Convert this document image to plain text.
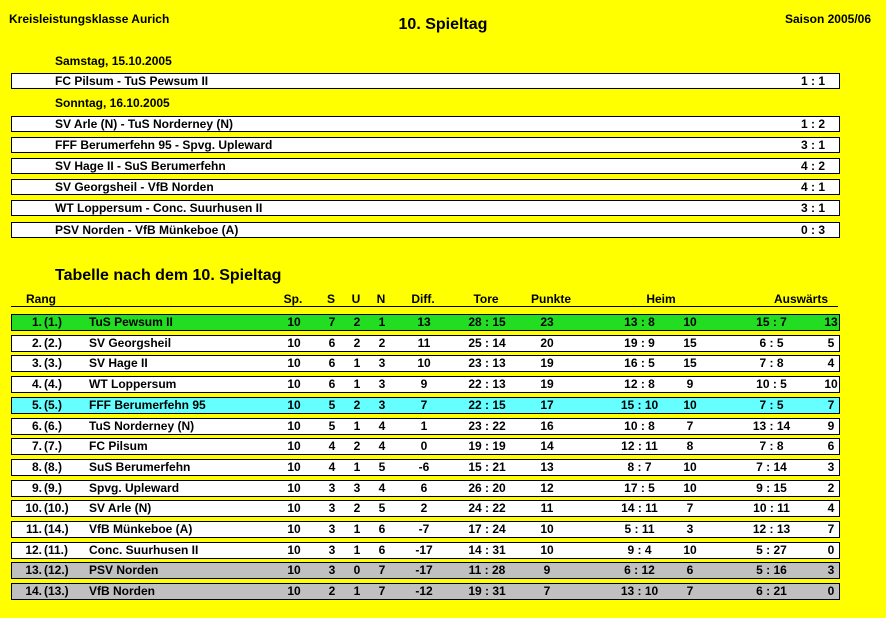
Kreisleistungsklasse Aurich	10. Spieltag	Saison 2005/06
Samstag, 15.10.2005
FC Pilsum - TuS Pewsum II	1 : 1
Sonntag, 16.10.2005
SV Arle (N) - TuS Norderney (N)	1 : 2
FFF Berumerfehn 95 - Spvg. Upleward	3 : 1
SV Hage II - SuS Berumerfehn	4 : 2
SV Georgsheil - VfB Norden	4 : 1
WT Loppersum - Conc. Suurhusen II	3 : 1
PSV Norden - VfB Münkeboe (A)	0 : 3
Tabelle nach dem 10. Spieltag
Rang	Sp.	S	U	N	Diff.	Tore	Punkte	Heim	Auswärts
1. (1.)	TuS Pewsum II	10	7	2	1	13	28 : 15	23	13 : 8	10	15 : 7	13
2. (2.)	SV Georgsheil	10	6	2	2	11	25 : 14	20	19 : 9	15	6 : 5	5
3. (3.)	SV Hage II	10	6	1	3	10	23 : 13	19	16 : 5	15	7 : 8	4
4. (4.)	WT Loppersum	10	6	1	3	9	22 : 13	19	12 : 8	9	10 : 5	10
5. (5.)	FFF Berumerfehn 95	10	5	2	3	7	22 : 15	17	15 : 10	10	7 : 5	7
6. (6.)	TuS Norderney (N)	10	5	1	4	1	23 : 22	16	10 : 8	7	13 : 14	9
7. (7.)	FC Pilsum	10	4	2	4	0	19 : 19	14	12 : 11	8	7 : 8	6
8. (8.)	SuS Berumerfehn	10	4	1	5	-6	15 : 21	13	8 : 7	10	7 : 14	3
9. (9.)	Spvg. Upleward	10	3	3	4	6	26 : 20	12	17 : 5	10	9 : 15	2
10. (10.)	SV Arle (N)	10	3	2	5	2	24 : 22	11	14 : 11	7	10 : 11	4
11. (14.)	VfB Münkeboe (A)	10	3	1	6	-7	17 : 24	10	5 : 11	3	12 : 13	7
12. (11.)	Conc. Suurhusen II	10	3	1	6	-17	14 : 31	10	9 : 4	10	5 : 27	0
13. (12.)	PSV Norden	10	3	0	7	-17	11 : 28	9	6 : 12	6	5 : 16	3
14. (13.)	VfB Norden	10	2	1	7	-12	19 : 31	7	13 : 10	7	6 : 21	0
